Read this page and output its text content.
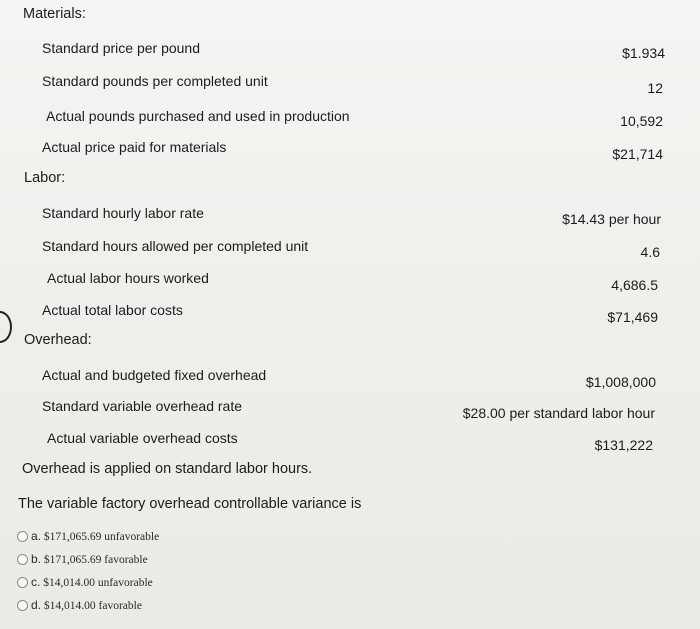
Materials:
Standard price per pound	$1.934
Standard pounds per completed unit	12
Actual pounds purchased and used in production	10,592
Actual price paid for materials	$21,714
Labor:
Standard hourly labor rate	$14.43 per hour
Standard hours allowed per completed unit	4.6
Actual labor hours worked	4,686.5
Actual total labor costs	$71,469
Overhead:
Actual and budgeted fixed overhead	$1,008,000
Standard variable overhead rate	$28.00 per standard labor hour
Actual variable overhead costs	$131,222
Overhead is applied on standard labor hours.
The variable factory overhead controllable variance is
a. $171,065.69 unfavorable
b. $171,065.69 favorable
c. $14,014.00 unfavorable
d. $14,014.00 favorable
